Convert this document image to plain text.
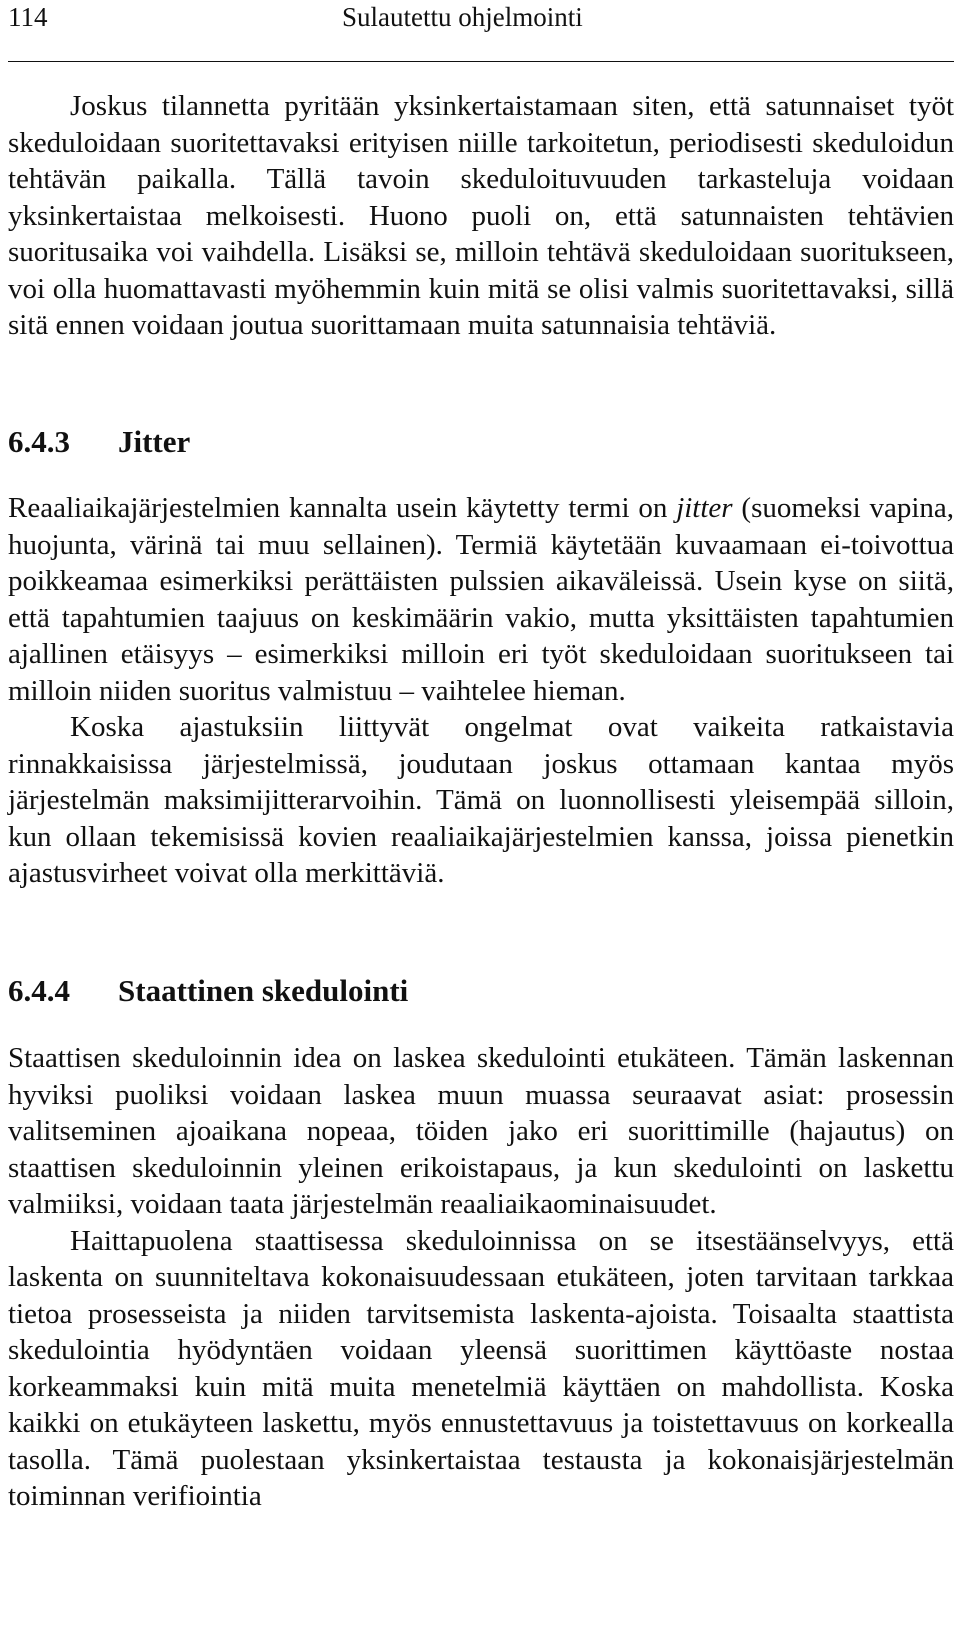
114	Sulautettu ohjelmointi

Joskus tilannetta pyritään yksinkertaistamaan siten, että satunnaiset työt skeduloidaan suoritettavaksi erityisen niille tarkoitetun, periodisesti skeduloidun tehtävän paikalla. Tällä tavoin skeduloituvuuden tarkasteluja voidaan yksinkertaistaa melkoisesti. Huono puoli on, että satunnaisten tehtävien suoritusaika voi vaihdella. Lisäksi se, milloin tehtävä skeduloidaan suoritukseen, voi olla huomattavasti myöhemmin kuin mitä se olisi valmis suoritettavaksi, sillä sitä ennen voidaan joutua suorittamaan muita satunnaisia tehtäviä.

6.4.3 Jitter

Reaaliaikajärjestelmien kannalta usein käytetty termi on jitter (suomeksi vapina, huojunta, värinä tai muu sellainen). Termiä käytetään kuvaamaan ei-toivottua poikkeamaa esimerkiksi perättäisten pulssien aikaväleissä. Usein kyse on siitä, että tapahtumien taajuus on keskimäärin vakio, mutta yksittäisten tapahtumien ajallinen etäisyys – esimerkiksi milloin eri työt skeduloidaan suoritukseen tai milloin niiden suoritus valmistuu – vaihtelee hieman.

Koska ajastuksiin liittyvät ongelmat ovat vaikeita ratkaistavia rinnakkaisissa järjestelmissä, joudutaan joskus ottamaan kantaa myös järjestelmän maksimijitterarvoihin. Tämä on luonnollisesti yleisempää silloin, kun ollaan tekemisissä kovien reaaliaikajärjestelmien kanssa, joissa pienetkin ajastusvirheet voivat olla merkittäviä.

6.4.4 Staattinen skedulointi

Staattisen skeduloinnin idea on laskea skedulointi etukäteen. Tämän laskennan hyviksi puoliksi voidaan laskea muun muassa seuraavat asiat: prosessin valitseminen ajoaikana nopeaa, töiden jako eri suorittimille (hajautus) on staattisen skeduloinnin yleinen erikoistapaus, ja kun skedulointi on laskettu valmiiksi, voidaan taata järjestelmän reaaliaikaominaisuudet.

Haittapuolena staattisessa skeduloinnissa on se itsestäänselvyys, että laskenta on suunniteltava kokonaisuudessaan etukäteen, joten tarvitaan tarkkaa tietoa prosesseista ja niiden tarvitsemista laskenta-ajoista. Toisaalta staattista skedulointia hyödyntäen voidaan yleensä suorittimen käyttöaste nostaa korkeammaksi kuin mitä muita menetelmiä käyttäen on mahdollista. Koska kaikki on etukäyteen laskettu, myös ennustettavuus ja toistettavuus on korkealla tasolla. Tämä puolestaan yksinkertaistaa testausta ja kokonaisjärjestelmän toiminnan verifiointia
